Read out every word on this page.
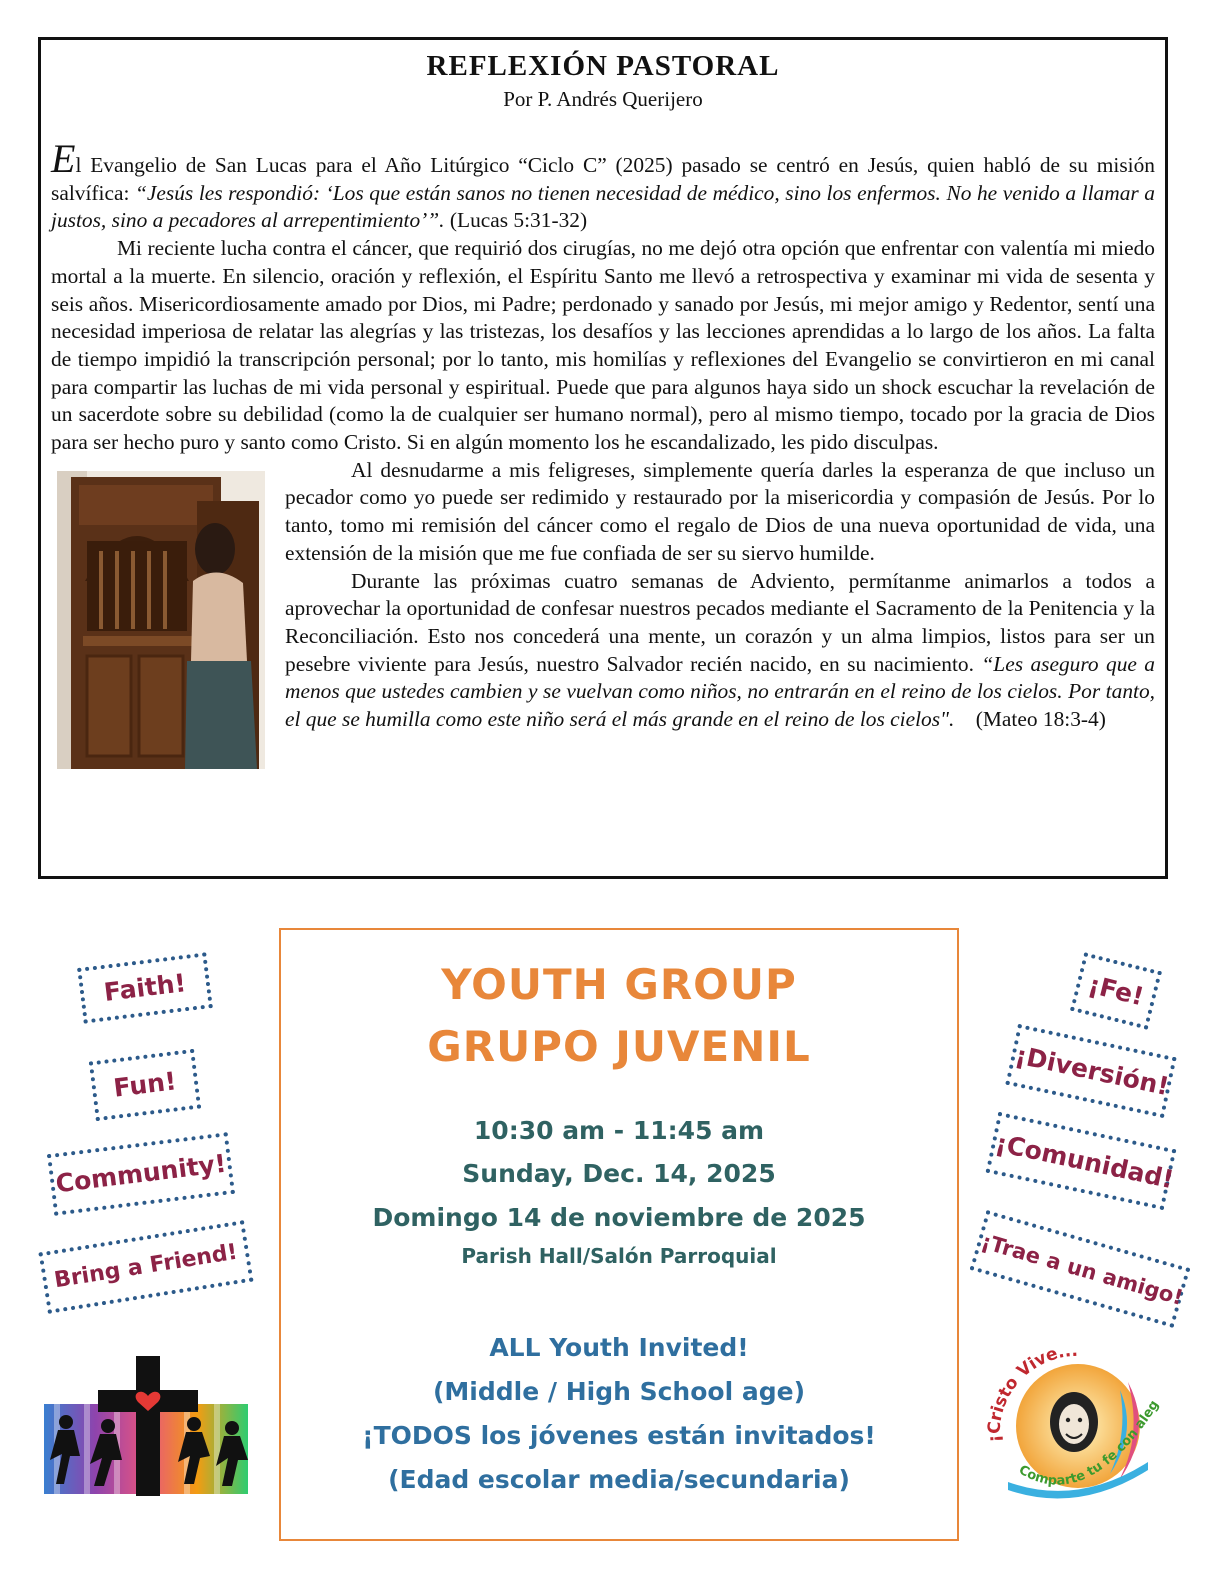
REFLEXIÓN PASTORAL
Por P. Andrés Querijero

El Evangelio de San Lucas para el Año Litúrgico “Ciclo C” (2025) pasado se centró en Jesús, quien habló de su misión salvífica: “Jesús les respondió: ‘Los que están sanos no tienen necesidad de médico, sino los enfermos. No he venido a llamar a justos, sino a pecadores al arrepentimiento’”. (Lucas 5:31-32)

Mi reciente lucha contra el cáncer, que requirió dos cirugías, no me dejó otra opción que enfrentar con valentía mi miedo mortal a la muerte. En silencio, oración y reflexión, el Espíritu Santo me llevó a retrospectiva y examinar mi vida de sesenta y seis años. Misericordiosamente amado por Dios, mi Padre; perdonado y sanado por Jesús, mi mejor amigo y Redentor, sentí una necesidad imperiosa de relatar las alegrías y las tristezas, los desafíos y las lecciones aprendidas a lo largo de los años. La falta de tiempo impidió la transcripción personal; por lo tanto, mis homilías y reflexiones del Evangelio se convirtieron en mi canal para compartir las luchas de mi vida personal y espiritual. Puede que para algunos haya sido un shock escuchar la revelación de un sacerdote sobre su debilidad (como la de cualquier ser humano normal), pero al mismo tiempo, tocado por la gracia de Dios para ser hecho puro y santo como Cristo. Si en algún momento los he escandalizado, les pido disculpas.

Al desnudarme a mis feligreses, simplemente quería darles la esperanza de que incluso un pecador como yo puede ser redimido y restaurado por la misericordia y compasión de Jesús. Por lo tanto, tomo mi remisión del cáncer como el regalo de Dios de una nueva oportunidad de vida, una extensión de la misión que me fue confiada de ser su siervo humilde.

Durante las próximas cuatro semanas de Adviento, permítanme animarlos a todos a aprovechar la oportunidad de confesar nuestros pecados mediante el Sacramento de la Penitencia y la Reconciliación. Esto nos concederá una mente, un corazón y un alma limpios, listos para ser un pesebre viviente para Jesús, nuestro Salvador recién nacido, en su nacimiento. “Les aseguro que a menos que ustedes cambien y se vuelvan como niños, no entrarán en el reino de los cielos. Por tanto, el que se humilla como este niño será el más grande en el reino de los cielos". (Mateo 18:3-4)

Faith!
Fun!
Community!
Bring a Friend!
YOUTH GROUP
GRUPO JUVENIL
10:30 am - 11:45 am
Sunday, Dec. 14, 2025
Domingo 14 de noviembre de 2025
Parish Hall/Salón Parroquial
ALL Youth Invited!
(Middle / High School age)
¡TODOS los jóvenes están invitados!
(Edad escolar media/secundaria)
¡Fe!
¡Diversión!
¡Comunidad!
¡Trae a un amigo!
¡Cristo Vive...
Comparte tu fe con aleg
